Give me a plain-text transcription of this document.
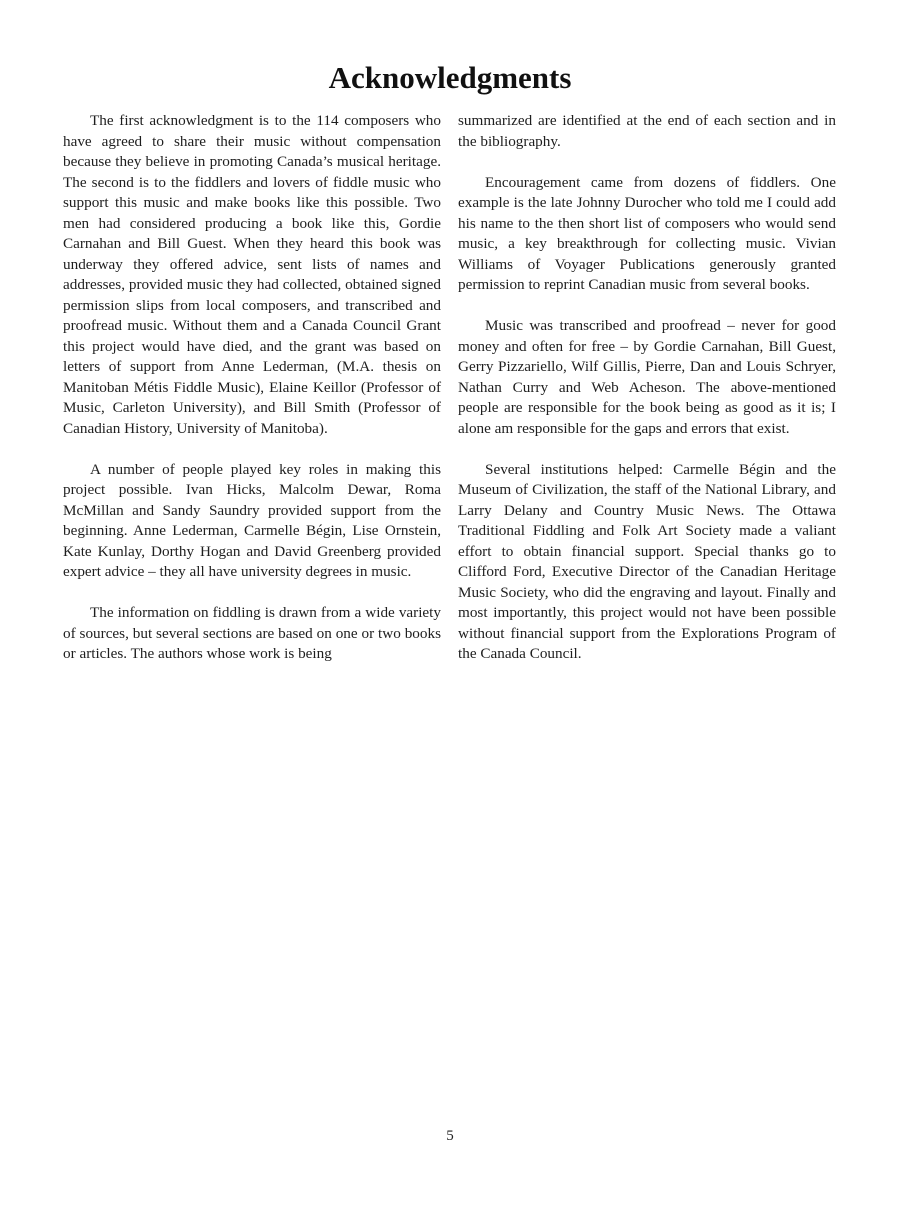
Acknowledgments

The first acknowledgment is to the 114 composers who have agreed to share their music without compensation because they believe in promoting Canada’s musical heritage. The second is to the fiddlers and lovers of fiddle music who support this music and make books like this possible. Two men had considered producing a book like this, Gordie Carnahan and Bill Guest. When they heard this book was underway they offered advice, sent lists of names and addresses, provided music they had collected, obtained signed permission slips from local composers, and transcribed and proofread music. Without them and a Canada Council Grant this project would have died, and the grant was based on letters of support from Anne Lederman, (M.A. thesis on Manitoban Métis Fiddle Music), Elaine Keillor (Professor of Music, Carleton University), and Bill Smith (Professor of Canadian History, University of Manitoba).

A number of people played key roles in making this project possible. Ivan Hicks, Malcolm Dewar, Roma McMillan and Sandy Saundry provided support from the beginning. Anne Lederman, Carmelle Bégin, Lise Ornstein, Kate Kunlay, Dorthy Hogan and David Greenberg provided expert advice – they all have university degrees in music.

The information on fiddling is drawn from a wide variety of sources, but several sections are based on one or two books or articles. The authors whose work is being

summarized are identified at the end of each section and in the bibliography.

Encouragement came from dozens of fiddlers. One example is the late Johnny Durocher who told me I could add his name to the then short list of composers who would send music, a key breakthrough for collecting music. Vivian Williams of Voyager Publications generously granted permission to reprint Canadian music from several books.

Music was transcribed and proofread – never for good money and often for free – by Gordie Carnahan, Bill Guest, Gerry Pizzariello, Wilf Gillis, Pierre, Dan and Louis Schryer, Nathan Curry and Web Acheson. The above-mentioned people are responsible for the book being as good as it is; I alone am responsible for the gaps and errors that exist.

Several institutions helped: Carmelle Bégin and the Museum of Civilization, the staff of the National Library, and Larry Delany and Country Music News. The Ottawa Traditional Fiddling and Folk Art Society made a valiant effort to obtain financial support. Special thanks go to Clifford Ford, Executive Director of the Canadian Heritage Music Society, who did the engraving and layout. Finally and most importantly, this project would not have been possible without financial support from the Explorations Program of the Canada Council.

5
